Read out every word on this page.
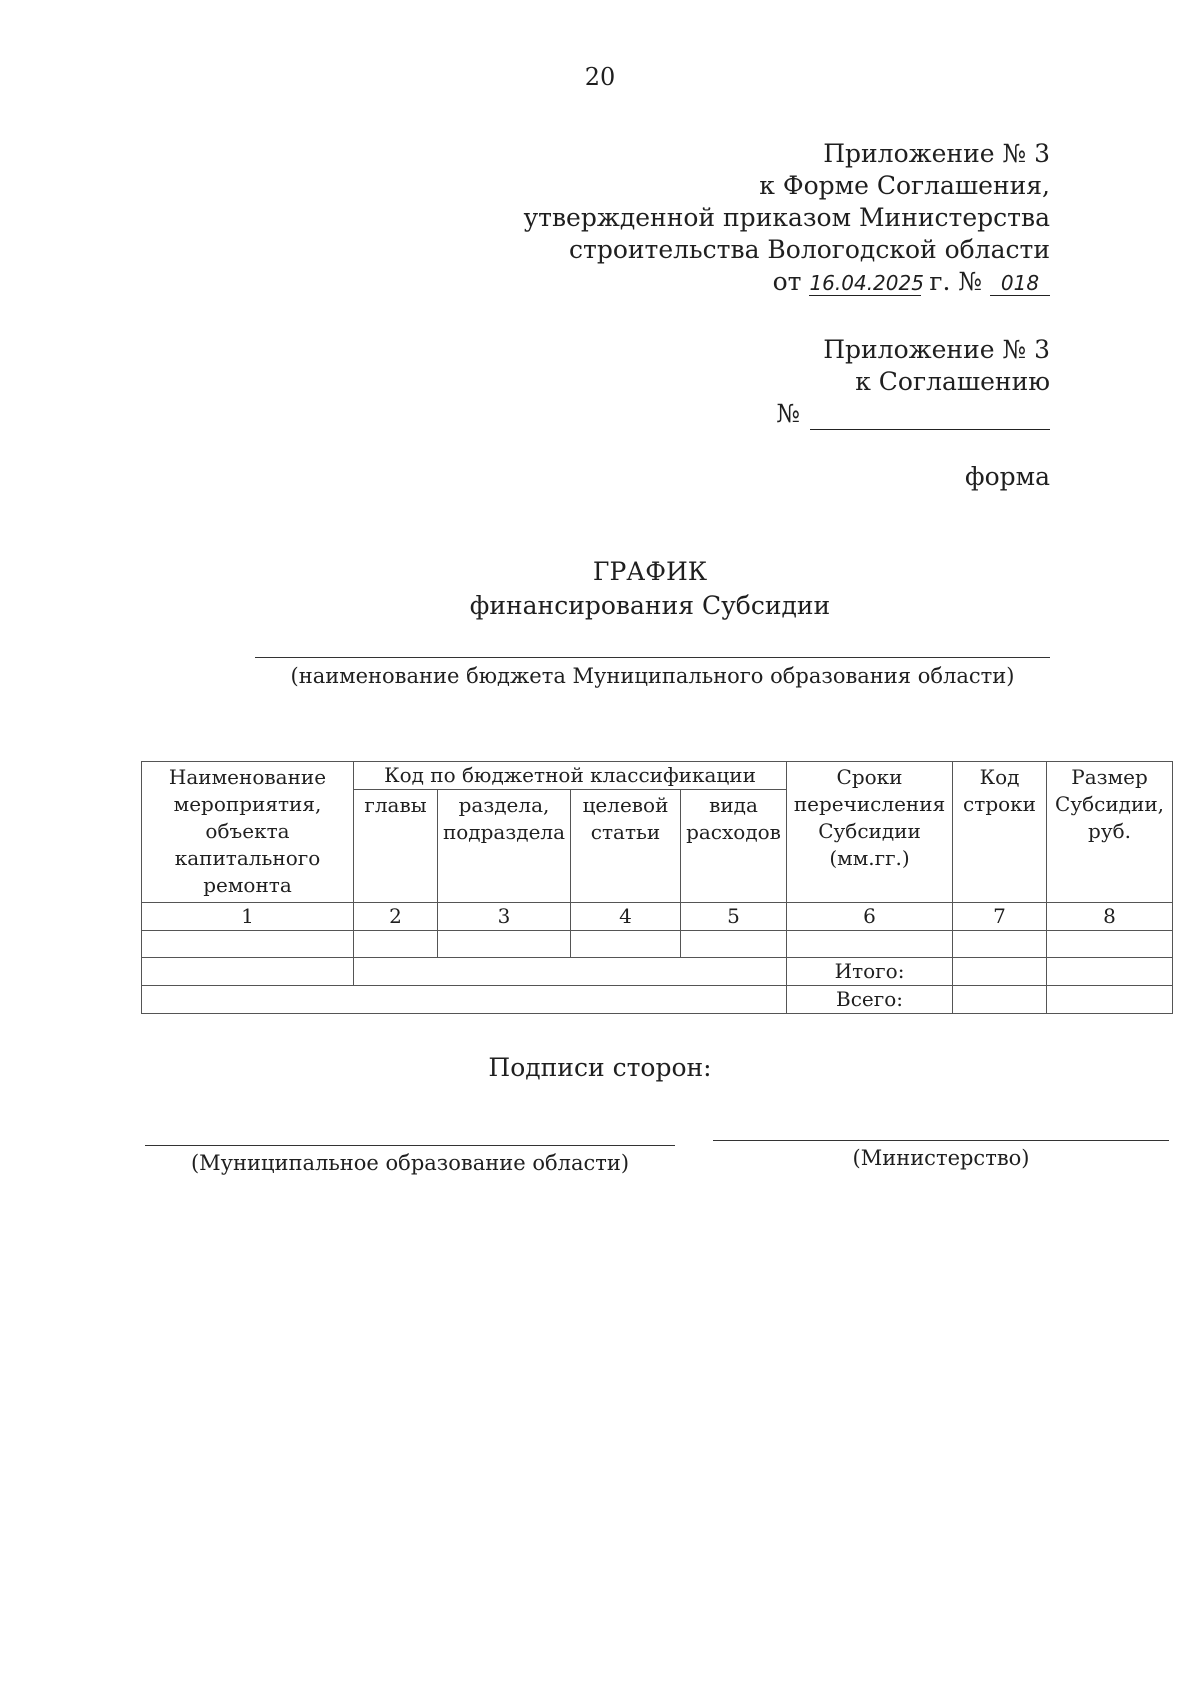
20
Приложение № 3
к Форме Соглашения,
утвержденной приказом Министерства
строительства Вологодской области
от 16.04.2025 г. № 018
Приложение № 3
к Соглашению
№
форма
ГРАФИК
финансирования Субсидии
(наименование бюджета Муниципального образования области)
Наименование мероприятия, объекта капитального ремонта	Код по бюджетной классификации				Сроки перечисления Субсидии (мм.гг.)	Код строки	Размер Субсидии, руб.
	главы	раздела, подраздела	целевой статьи	вида расходов			
1	2	3	4	5	6	7	8

					Итого:		
					Всего:		
Подписи сторон:
(Муниципальное образование области)	(Министерство)
